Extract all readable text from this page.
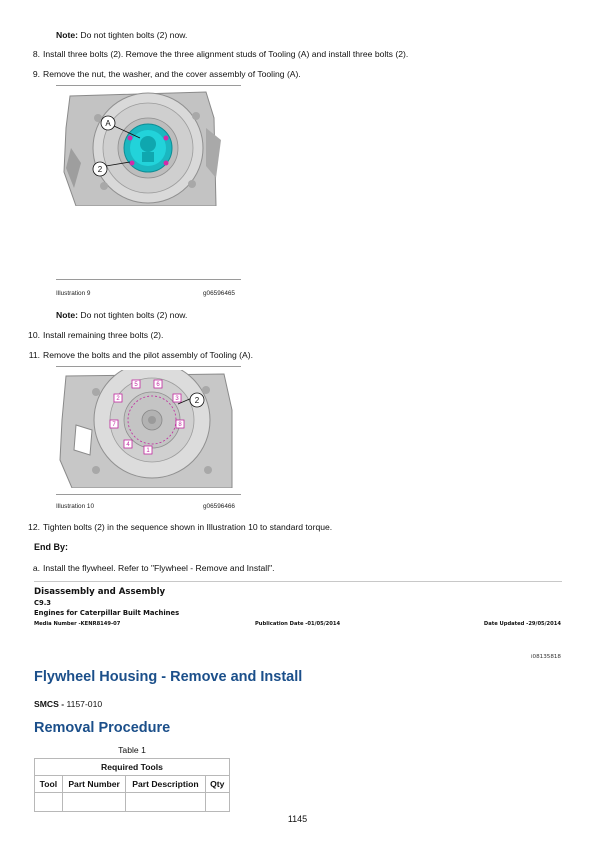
Note: Do not tighten bolts (2) now.
8. Install three bolts (2). Remove the three alignment studs of Tooling (A) and install three bolts (2).
9. Remove the nut, the washer, and the cover assembly of Tooling (A).
A
2
Illustration 9	g06596465
Note: Do not tighten bolts (2) now.
10. Install remaining three bolts (2).
11. Remove the bolts and the pilot assembly of Tooling (A).
5	6
2	3
7	8
4
1
2
Illustration 10	g06596466
12. Tighten bolts (2) in the sequence shown in Illustration 10 to standard torque.
End By:
a. Install the flywheel. Refer to "Flywheel - Remove and Install".
Disassembly and Assembly
C9.3
Engines for Caterpillar Built Machines
Media Number -KENR8149-07	Publication Date -01/05/2014	Date Updated -29/05/2014
i08135818
Flywheel Housing - Remove and Install
SMCS - 1157-010
Removal Procedure
Table 1
Required Tools			
Tool	Part Number	Part Description	Qty

1145
